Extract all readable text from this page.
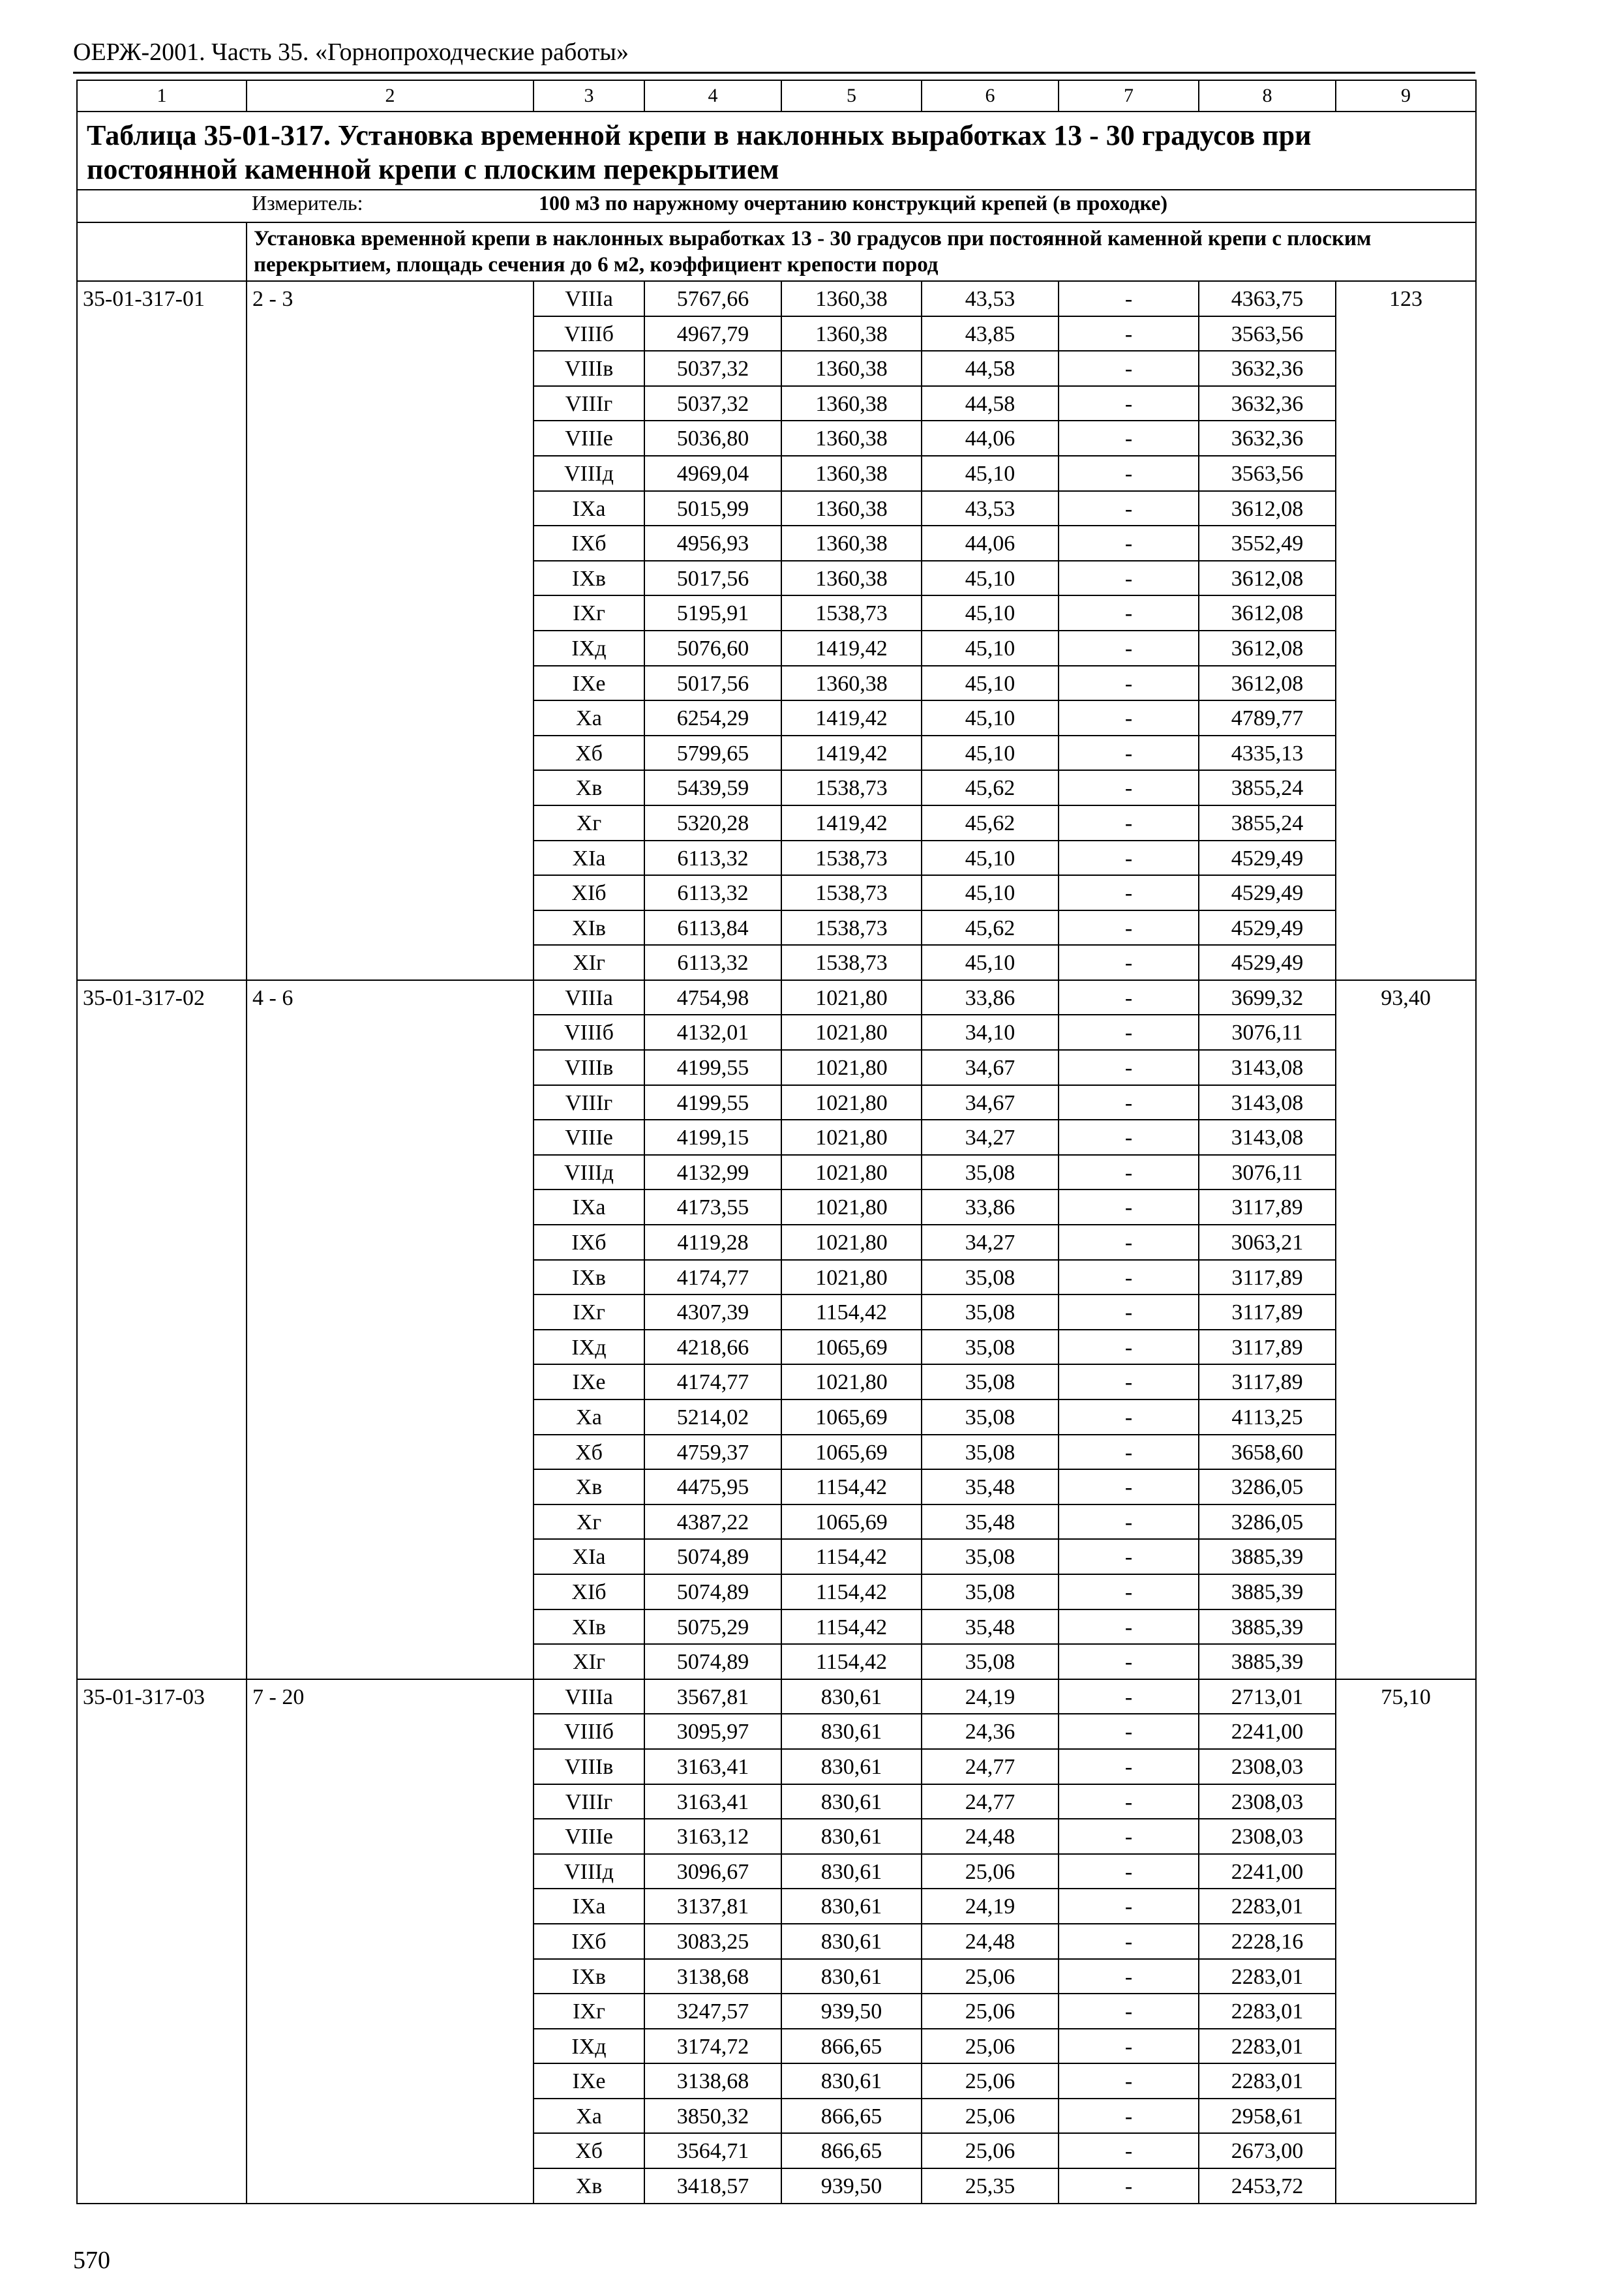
ОЕРЖ-2001. Часть 35. «Горнопроходческие работы»
1	2	3	4	5	6	7	8	9
Таблица 35-01-317. Установка временной крепи в наклонных выработках 13 - 30 градусов при постоянной каменной крепи с плоским перекрытием								
	Измеритель:	100 м3 по наружному очертанию конструкций крепей (в проходке)						
	Установка временной крепи в наклонных выработках 13 - 30 градусов при постоянной каменной крепи с плоским перекрытием, площадь сечения до 6 м2, коэффициент крепости пород							
35-01-317-01	2 - 3	VIIIa	5767,66	1360,38	43,53	-	4363,75	123
		VIIIб	4967,79	1360,38	43,85	-	3563,56	
		VIIIв	5037,32	1360,38	44,58	-	3632,36	
		VIIIг	5037,32	1360,38	44,58	-	3632,36	
		VIIIe	5036,80	1360,38	44,06	-	3632,36	
		VIIIд	4969,04	1360,38	45,10	-	3563,56	
		IXa	5015,99	1360,38	43,53	-	3612,08	
		IXб	4956,93	1360,38	44,06	-	3552,49	
		IXв	5017,56	1360,38	45,10	-	3612,08	
		IXг	5195,91	1538,73	45,10	-	3612,08	
		IXд	5076,60	1419,42	45,10	-	3612,08	
		IXe	5017,56	1360,38	45,10	-	3612,08	
		Xa	6254,29	1419,42	45,10	-	4789,77	
		Xб	5799,65	1419,42	45,10	-	4335,13	
		Xв	5439,59	1538,73	45,62	-	3855,24	
		Xг	5320,28	1419,42	45,62	-	3855,24	
		XIa	6113,32	1538,73	45,10	-	4529,49	
		XIб	6113,32	1538,73	45,10	-	4529,49	
		XIв	6113,84	1538,73	45,62	-	4529,49	
		XIг	6113,32	1538,73	45,10	-	4529,49	
35-01-317-02	4 - 6	VIIIa	4754,98	1021,80	33,86	-	3699,32	93,40
		VIIIб	4132,01	1021,80	34,10	-	3076,11	
		VIIIв	4199,55	1021,80	34,67	-	3143,08	
		VIIIг	4199,55	1021,80	34,67	-	3143,08	
		VIIIe	4199,15	1021,80	34,27	-	3143,08	
		VIIIд	4132,99	1021,80	35,08	-	3076,11	
		IXa	4173,55	1021,80	33,86	-	3117,89	
		IXб	4119,28	1021,80	34,27	-	3063,21	
		IXв	4174,77	1021,80	35,08	-	3117,89	
		IXг	4307,39	1154,42	35,08	-	3117,89	
		IXд	4218,66	1065,69	35,08	-	3117,89	
		IXe	4174,77	1021,80	35,08	-	3117,89	
		Xa	5214,02	1065,69	35,08	-	4113,25	
		Xб	4759,37	1065,69	35,08	-	3658,60	
		Xв	4475,95	1154,42	35,48	-	3286,05	
		Xг	4387,22	1065,69	35,48	-	3286,05	
		XIa	5074,89	1154,42	35,08	-	3885,39	
		XIб	5074,89	1154,42	35,08	-	3885,39	
		XIв	5075,29	1154,42	35,48	-	3885,39	
		XIг	5074,89	1154,42	35,08	-	3885,39	
35-01-317-03	7 - 20	VIIIa	3567,81	830,61	24,19	-	2713,01	75,10
		VIIIб	3095,97	830,61	24,36	-	2241,00	
		VIIIв	3163,41	830,61	24,77	-	2308,03	
		VIIIг	3163,41	830,61	24,77	-	2308,03	
		VIIIe	3163,12	830,61	24,48	-	2308,03	
		VIIIд	3096,67	830,61	25,06	-	2241,00	
		IXa	3137,81	830,61	24,19	-	2283,01	
		IXб	3083,25	830,61	24,48	-	2228,16	
		IXв	3138,68	830,61	25,06	-	2283,01	
		IXг	3247,57	939,50	25,06	-	2283,01	
		IXд	3174,72	866,65	25,06	-	2283,01	
		IXe	3138,68	830,61	25,06	-	2283,01	
		Xa	3850,32	866,65	25,06	-	2958,61	
		Xб	3564,71	866,65	25,06	-	2673,00	
		Xв	3418,57	939,50	25,35	-	2453,72	
570
